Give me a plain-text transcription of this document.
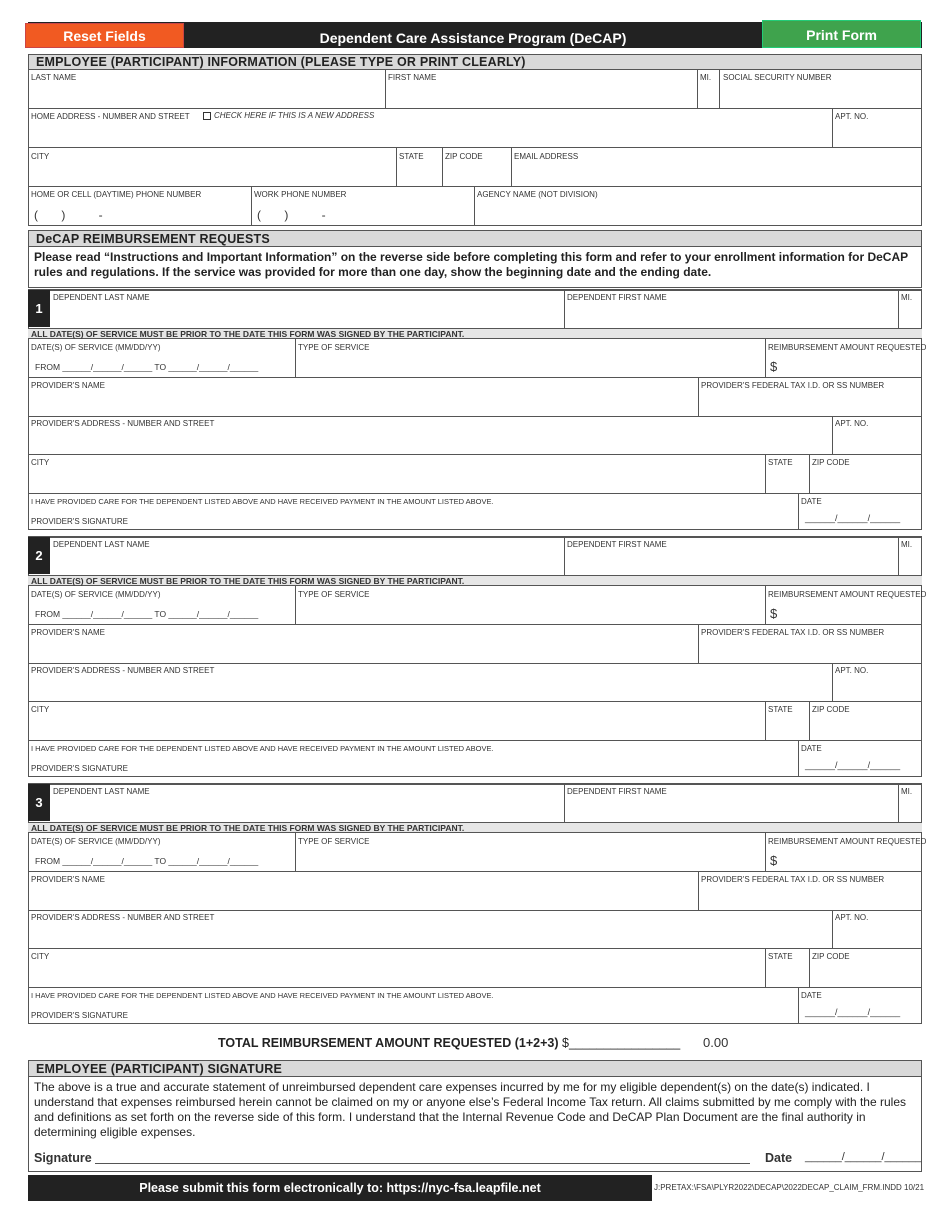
Reset Fields	Dependent Care Assistance Program (DeCAP)	Print Form
EMPLOYEE (PARTICIPANT) INFORMATION (PLEASE TYPE OR PRINT CLEARLY)
LAST NAME	FIRST NAME	MI. SOCIAL SECURITY NUMBER
HOME ADDRESS - NUMBER AND STREET	CHECK HERE IF THIS IS A NEW ADDRESS	APT. NO.
CITY	STATE	ZIP CODE	EMAIL ADDRESS
HOME OR CELL (DAYTIME) PHONE NUMBER
(       )          -
WORK PHONE NUMBER
(       )          -
AGENCY NAME (NOT DIVISION)
DeCAP REIMBURSEMENT REQUESTS
Please read “Instructions and Important Information” on the reverse side before completing this form and refer to your enrollment information for DeCAP rules and regulations. If the service was provided for more than one day, show the beginning date and the ending date.
1
DEPENDENT LAST NAME	DEPENDENT FIRST NAME	MI.
ALL DATE(S) OF SERVICE MUST BE PRIOR TO THE DATE THIS FORM WAS SIGNED BY THE PARTICIPANT.
DATE(S) OF SERVICE (MM/DD/YY)
FROM ______/______/______ TO ______/______/______
TYPE OF SERVICE	REIMBURSEMENT AMOUNT REQUESTED
$
PROVIDER'S NAME	PROVIDER'S FEDERAL TAX I.D. OR SS NUMBER
PROVIDER'S ADDRESS - NUMBER AND STREET	APT. NO.
CITY	STATE ZIP CODE
I HAVE PROVIDED CARE FOR THE DEPENDENT LISTED ABOVE AND HAVE RECEIVED PAYMENT IN THE AMOUNT LISTED ABOVE.
PROVIDER'S SIGNATURE
DATE
______/______/______
2
DEPENDENT LAST NAME	DEPENDENT FIRST NAME	MI.
ALL DATE(S) OF SERVICE MUST BE PRIOR TO THE DATE THIS FORM WAS SIGNED BY THE PARTICIPANT.
DATE(S) OF SERVICE (MM/DD/YY)
FROM ______/______/______ TO ______/______/______
TYPE OF SERVICE	REIMBURSEMENT AMOUNT REQUESTED
$
PROVIDER'S NAME	PROVIDER'S FEDERAL TAX I.D. OR SS NUMBER
PROVIDER'S ADDRESS - NUMBER AND STREET	APT. NO.
CITY	STATE ZIP CODE
I HAVE PROVIDED CARE FOR THE DEPENDENT LISTED ABOVE AND HAVE RECEIVED PAYMENT IN THE AMOUNT LISTED ABOVE.
PROVIDER'S SIGNATURE
DATE
______/______/______
3
DEPENDENT LAST NAME	DEPENDENT FIRST NAME	MI.
ALL DATE(S) OF SERVICE MUST BE PRIOR TO THE DATE THIS FORM WAS SIGNED BY THE PARTICIPANT.
DATE(S) OF SERVICE (MM/DD/YY)
FROM ______/______/______ TO ______/______/______
TYPE OF SERVICE	REIMBURSEMENT AMOUNT REQUESTED
$
PROVIDER'S NAME	PROVIDER'S FEDERAL TAX I.D. OR SS NUMBER
PROVIDER'S ADDRESS - NUMBER AND STREET	APT. NO.
CITY	STATE ZIP CODE
I HAVE PROVIDED CARE FOR THE DEPENDENT LISTED ABOVE AND HAVE RECEIVED PAYMENT IN THE AMOUNT LISTED ABOVE.
PROVIDER'S SIGNATURE
DATE
______/______/______
TOTAL REIMBURSEMENT AMOUNT REQUESTED (1+2+3) $________________ 0.00
EMPLOYEE (PARTICIPANT) SIGNATURE
The above is a true and accurate statement of unreimbursed dependent care expenses incurred by me for my eligible dependent(s) on the date(s) indicated. I understand that expenses reimbursed herein cannot be claimed on my or anyone else’s Federal Income Tax return. All claims submitted by me comply with the rules and definitions as set forth on the reverse side of this form. I understand that the Internal Revenue Code and DeCAP Plan Document are the final authority in determining eligible expenses.
Signature	Date ______/______/______
Please submit this form electronically to: https://nyc-fsa.leapfile.net	J:PRETAX:\FSA\PLYR2022\DECAP\2022DECAP_CLAIM_FRM.INDD 10/21
